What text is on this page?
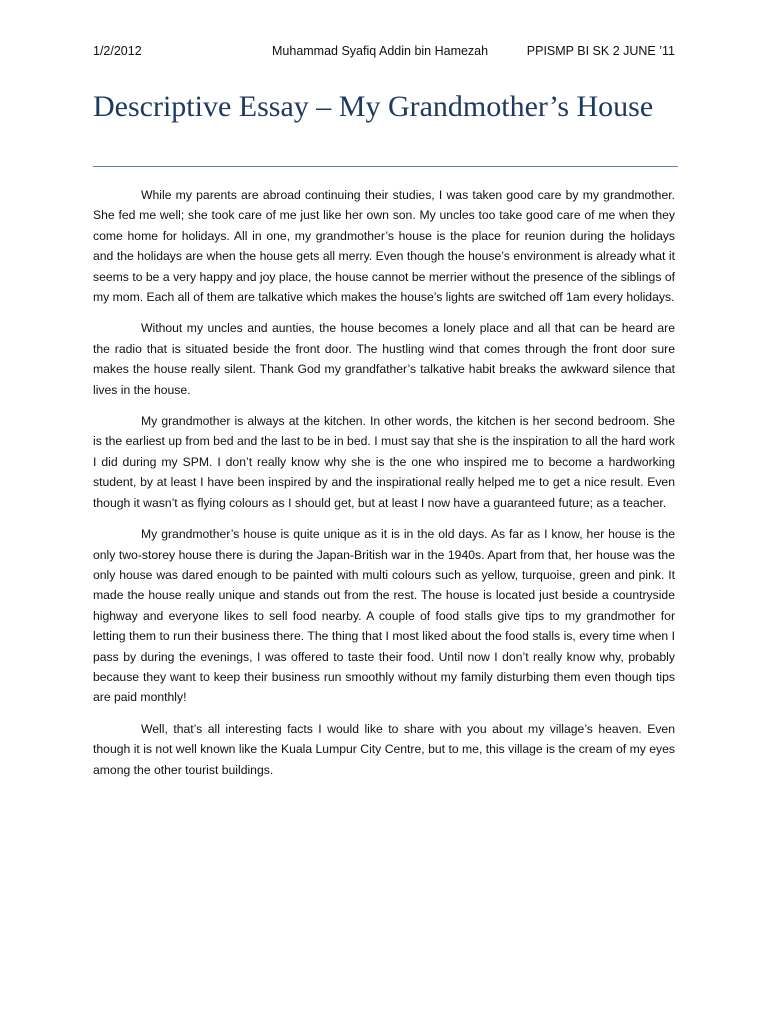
1/2/2012	Muhammad Syafiq Addin bin Hamezah	PPISMP BI SK 2 JUNE ’11
Descriptive Essay – My Grandmother’s House

While my parents are abroad continuing their studies, I was taken good care by my grandmother. She fed me well; she took care of me just like her own son. My uncles too take good care of me when they come home for holidays. All in one, my grandmother’s house is the place for reunion during the holidays and the holidays are when the house gets all merry. Even though the house’s environment is already what it seems to be a very happy and joy place, the house cannot be merrier without the presence of the siblings of my mom. Each all of them are talkative which makes the house’s lights are switched off 1am every holidays.

Without my uncles and aunties, the house becomes a lonely place and all that can be heard are the radio that is situated beside the front door. The hustling wind that comes through the front door sure makes the house really silent. Thank God my grandfather’s talkative habit breaks the awkward silence that lives in the house.

My grandmother is always at the kitchen. In other words, the kitchen is her second bedroom. She is the earliest up from bed and the last to be in bed. I must say that she is the inspiration to all the hard work I did during my SPM. I don’t really know why she is the one who inspired me to become a hardworking student, by at least I have been inspired by and the inspirational really helped me to get a nice result. Even though it wasn’t as flying colours as I should get, but at least I now have a guaranteed future; as a teacher.

My grandmother’s house is quite unique as it is in the old days. As far as I know, her house is the only two-storey house there is during the Japan-British war in the 1940s. Apart from that, her house was the only house was dared enough to be painted with multi colours such as yellow, turquoise, green and pink. It made the house really unique and stands out from the rest. The house is located just beside a countryside highway and everyone likes to sell food nearby. A couple of food stalls give tips to my grandmother for letting them to run their business there. The thing that I most liked about the food stalls is, every time when I pass by during the evenings, I was offered to taste their food. Until now I don’t really know why, probably because they want to keep their business run smoothly without my family disturbing them even though tips are paid monthly!

Well, that’s all interesting facts I would like to share with you about my village’s heaven. Even though it is not well known like the Kuala Lumpur City Centre, but to me, this village is the cream of my eyes among the other tourist buildings.
